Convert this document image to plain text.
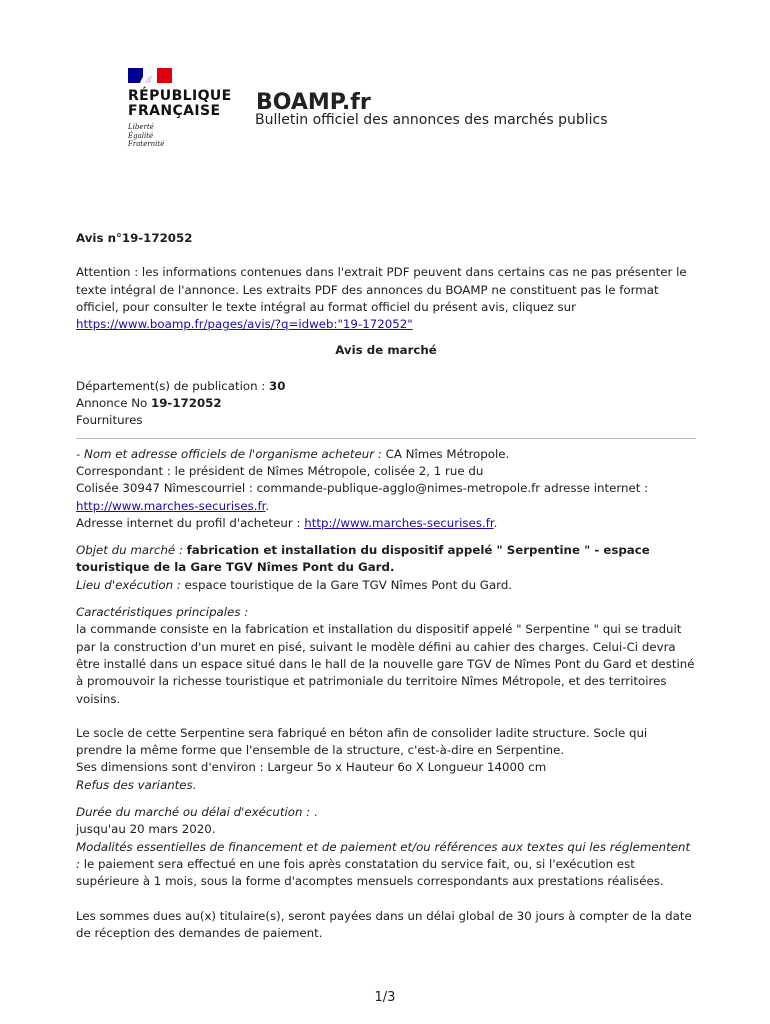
RÉPUBLIQUE
FRANÇAISE
Liberté
Égalité
Fraternité
BOAMP.fr
Bulletin officiel des annonces des marchés publics

Avis n°19-172052

Attention : les informations contenues dans l'extrait PDF peuvent dans certains cas ne pas présenter le texte intégral de l'annonce. Les extraits PDF des annonces du BOAMP ne constituent pas le format officiel, pour consulter le texte intégral au format officiel du présent avis, cliquez sur https://www.boamp.fr/pages/avis/?q=idweb:"19-172052"

Avis de marché

Département(s) de publication : 30

Annonce No 19-172052

Fournitures

- Nom et adresse officiels de l'organisme acheteur : CA Nîmes Métropole.

Correspondant : le président de Nîmes Métropole, colisée 2, 1 rue du

Colisée 30947 Nîmescourriel : commande-publique-agglo@nimes-metropole.fr adresse internet :

http://www.marches-securises.fr.

Adresse internet du profil d'acheteur : http://www.marches-securises.fr.

Objet du marché : fabrication et installation du dispositif appelé " Serpentine " - espace touristique de la Gare TGV Nîmes Pont du Gard.

Lieu d'exécution : espace touristique de la Gare TGV Nîmes Pont du Gard.

Caractéristiques principales :

la commande consiste en la fabrication et installation du dispositif appelé " Serpentine " qui se traduit par la construction d'un muret en pisé, suivant le modèle défini au cahier des charges. Celui-Ci devra être installé dans un espace situé dans le hall de la nouvelle gare TGV de Nîmes Pont du Gard et destiné à promouvoir la richesse touristique et patrimoniale du territoire Nîmes Métropole, et des territoires voisins.

Le socle de cette Serpentine sera fabriqué en béton afin de consolider ladite structure. Socle qui prendre la même forme que l'ensemble de la structure, c'est-à-dire en Serpentine.

Ses dimensions sont d'environ : Largeur 5o x Hauteur 6o X Longueur 14000 cm

Refus des variantes.

Durée du marché ou délai d'exécution : .

jusqu'au 20 mars 2020.

Modalités essentielles de financement et de paiement et/ou références aux textes qui les réglementent : le paiement sera effectué en une fois après constatation du service fait, ou, si l'exécution est supérieure à 1 mois, sous la forme d'acomptes mensuels correspondants aux prestations réalisées.

Les sommes dues au(x) titulaire(s), seront payées dans un délai global de 30 jours à compter de la date de réception des demandes de paiement.

1/3
